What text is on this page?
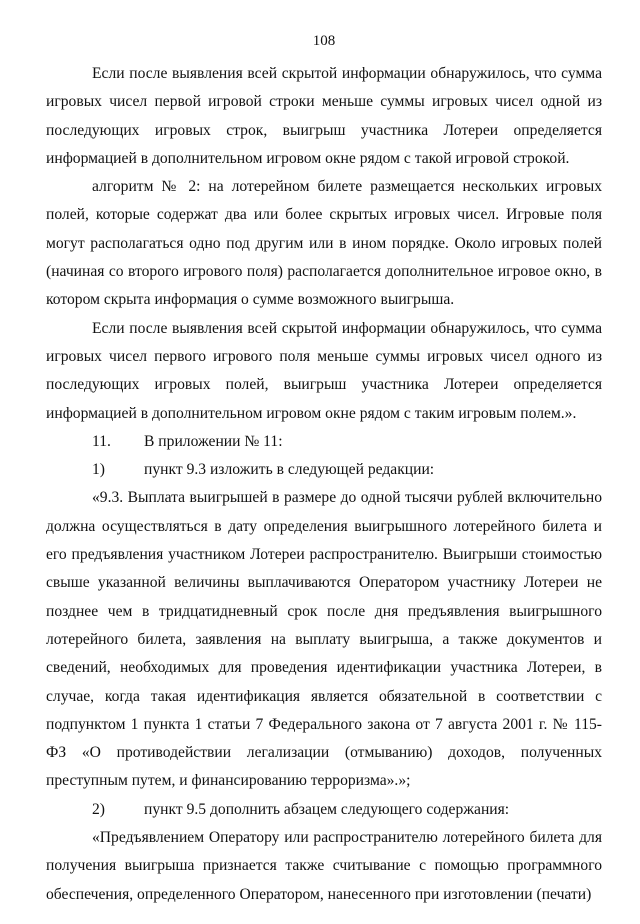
108

Если после выявления всей скрытой информации обнаружилось, что сумма игровых чисел первой игровой строки меньше суммы игровых чисел одной из последующих игровых строк, выигрыш участника Лотереи определяется информацией в дополнительном игровом окне рядом с такой игровой строкой.

алгоритм № 2: на лотерейном билете размещается нескольких игровых полей, которые содержат два или более скрытых игровых чисел. Игровые поля могут располагаться одно под другим или в ином порядке. Около игровых полей (начиная со второго игрового поля) располагается дополнительное игровое окно, в котором скрыта информация о сумме возможного выигрыша.

Если после выявления всей скрытой информации обнаружилось, что сумма игровых чисел первого игрового поля меньше суммы игровых чисел одного из последующих игровых полей, выигрыш участника Лотереи определяется информацией в дополнительном игровом окне рядом с таким игровым полем.».

11. В приложении № 11:

1)	пункт 9.3 изложить в следующей редакции:

«9.3. Выплата выигрышей в размере до одной тысячи рублей включительно должна осуществляться в дату определения выигрышного лотерейного билета и его предъявления участником Лотереи распространителю. Выигрыши стоимостью свыше указанной величины выплачиваются Оператором участнику Лотереи не позднее чем в тридцатидневный срок после дня предъявления выигрышного лотерейного билета, заявления на выплату выигрыша, а также документов и сведений, необходимых для проведения идентификации участника Лотереи, в случае, когда такая идентификация является обязательной в соответствии с подпунктом 1 пункта 1 статьи 7 Федерального закона от 7 августа 2001 г. № 115-ФЗ «О противодействии легализации (отмыванию) доходов, полученных преступным путем, и финансированию терроризма».»;

2)	пункт 9.5 дополнить абзацем следующего содержания:

«Предъявлением Оператору или распространителю лотерейного билета для получения выигрыша признается также считывание с помощью программного обеспечения, определенного Оператором, нанесенного при изготовлении (печати)
